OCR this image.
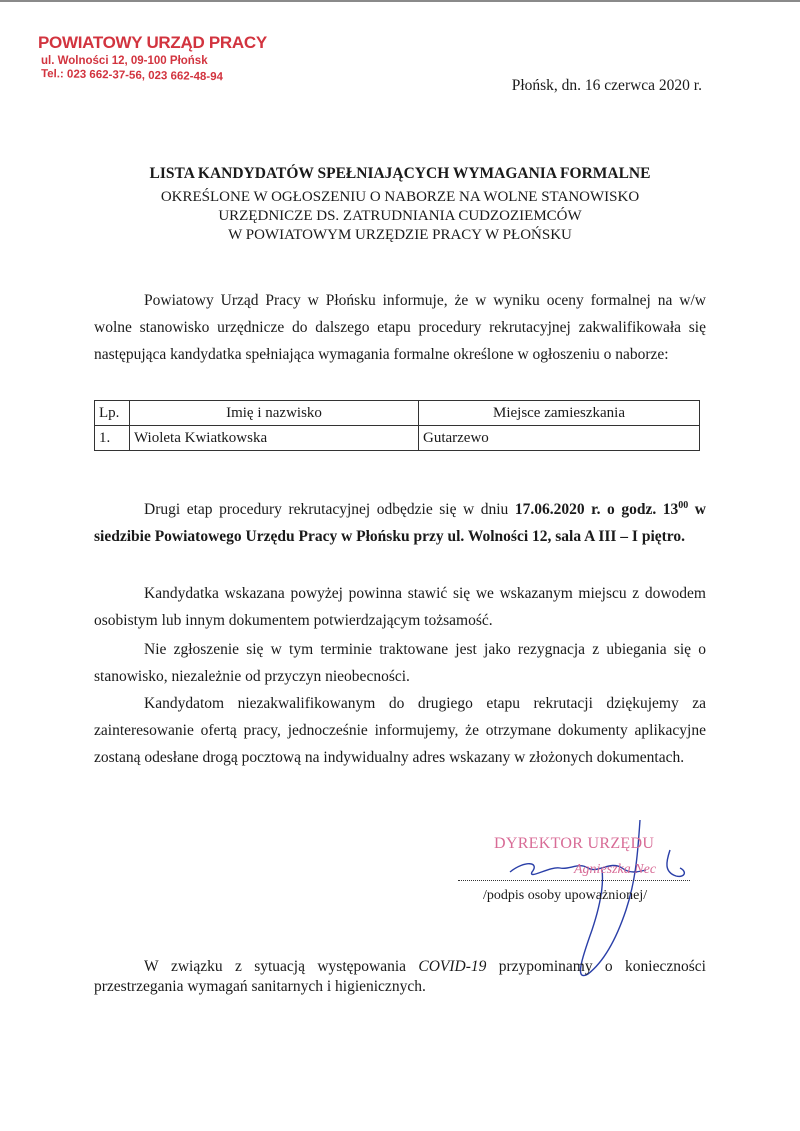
POWIATOWY URZĄD PRACY
ul. Wolności 12, 09-100 Płońsk
Tel.: 023 662-37-56, 023 662-48-94
Płońsk, dn. 16 czerwca 2020 r.
LISTA KANDYDATÓW SPEŁNIAJĄCYCH WYMAGANIA FORMALNE
OKREŚLONE W OGŁOSZENIU O NABORZE NA WOLNE STANOWISKO
URZĘDNICZE DS. ZATRUDNIANIA CUDZOZIEMCÓW
W POWIATOWYM URZĘDZIE PRACY W PŁOŃSKU
Powiatowy Urząd Pracy w Płońsku informuje, że w wyniku oceny formalnej na w/w wolne stanowisko urzędnicze do dalszego etapu procedury rekrutacyjnej zakwalifikowała się następująca kandydatka spełniająca wymagania formalne określone w ogłoszeniu o naborze:
Lp.	Imię i nazwisko	Miejsce zamieszkania
1.	Wioleta Kwiatkowska	Gutarzewo
Drugi etap procedury rekrutacyjnej odbędzie się w dniu 17.06.2020 r. o godz. $13^{00}$ w siedzibie Powiatowego Urzędu Pracy w Płońsku przy ul. Wolności 12, sala A III – I piętro.
Kandydatka wskazana powyżej powinna stawić się we wskazanym miejscu z dowodem osobistym lub innym dokumentem potwierdzającym tożsamość.
Nie zgłoszenie się w tym terminie traktowane jest jako rezygnacja z ubiegania się o stanowisko, niezależnie od przyczyn nieobecności.
Kandydatom niezakwalifikowanym do drugiego etapu rekrutacji dziękujemy za zainteresowanie ofertą pracy, jednocześnie informujemy, że otrzymane dokumenty aplikacyjne zostaną odesłane drogą pocztową na indywidualny adres wskazany w złożonych dokumentach.
DYREKTOR URZĘDU
Agnieszka Nec
/podpis osoby upoważnionej/
W związku z sytuacją występowania COVID-19 przypominamy o konieczności
przestrzegania wymagań sanitarnych i higienicznych.
